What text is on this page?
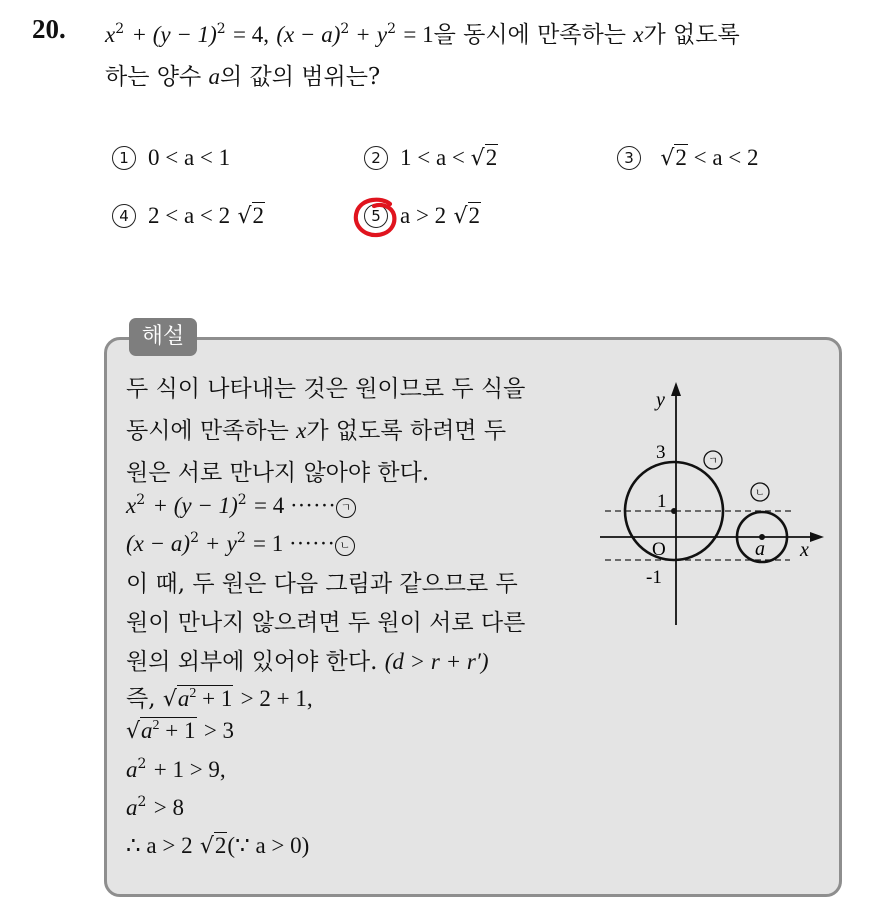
20. $x^2 + (y - 1)^2 = 4$, $(x - a)^2 + y^2 = 1$을 동시에 만족하는 x가 없도록
하는 양수 a의 값의 범위는?
1 0 < a < 1	2 1 < a < √2	3 √2 < a < 2
4 2 < a < 2 √2	5 a > 2 √2
해설
두 식이 나타내는 것은 원이므로 두 식을
동시에 만족하는 x가 없도록 하려면 두
원은 서로 만나지 않아야 한다.
$x^2 + (y - 1)^2 = 4$ ······ ㄱ
$(x - a)^2 + y^2 = 1$ ······ ㄴ
이 때, 두 원은 다음 그림과 같으므로 두
원이 만나지 않으려면 두 원이 서로 다른
원의 외부에 있어야 한다. (d > r + r′)
즉, $√a^2 + 1 > 2 + 1$,
$√a^2 + 1 > 3$
$a^2 + 1 > 9$,
$a^2 > 8$
∴ a > 2 √2(∵ a > 0)
y
x
3
1
O
-1
a
ㄱ
ㄴ
